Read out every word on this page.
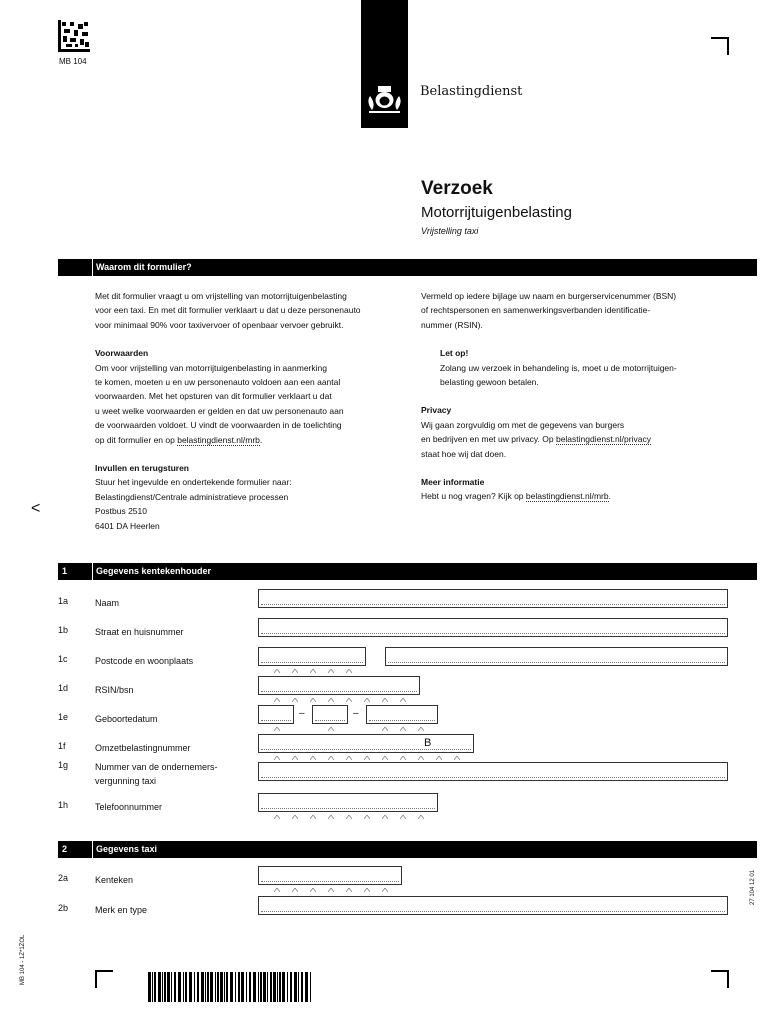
MB 104
Belastingdienst
Verzoek
Motorrijtuigenbelasting
Vrijstelling taxi
Waarom dit formulier?
Met dit formulier vraagt u om vrijstelling van motorrijtuigenbelasting
voor een taxi. En met dit formulier verklaart u dat u deze personenauto
voor minimaal 90% voor taxivervoer of openbaar vervoer gebruikt.
Voorwaarden
Om voor vrijstelling van motorrijtuigenbelasting in aanmerking
te komen, moeten u en uw personenauto voldoen aan een aantal
voorwaarden. Met het opsturen van dit formulier verklaart u dat
u weet welke voorwaarden er gelden en dat uw personenauto aan
de voorwaarden voldoet. U vindt de voorwaarden in de toelichting
op dit formulier en op belastingdienst.nl/mrb.
Invullen en terugsturen
Stuur het ingevulde en ondertekende formulier naar:
Belastingdienst/Centrale administratieve processen
Postbus 2510
6401 DA Heerlen
Vermeld op iedere bijlage uw naam en burgerservicenummer (BSN)
of rechtspersonen en samenwerkingsverbanden identificatie-
nummer (RSIN).
Let op!
Zolang uw verzoek in behandeling is, moet u de motorrijtuigen-
belasting gewoon betalen.
Privacy
Wij gaan zorgvuldig om met de gegevens van burgers
en bedrijven en met uw privacy. Op belastingdienst.nl/privacy
staat hoe wij dat doen.
Meer informatie
Hebt u nog vragen? Kijk op belastingdienst.nl/mrb.
<
1	Gegevens kentekenhouder
1a	Naam
1b	Straat en huisnummer
1c	Postcode en woonplaats
1d	RSIN/bsn
1e	Geboortedatum	–	–
1f	Omzetbelastingnummer	B
1g	Nummer van de ondernemers-
vergunning taxi
1h	Telefoonnummer
2	Gegevens taxi
2a	Kenteken
2b	Merk en type
MB 104 - 1Z*1ZOL
27 104 12 01
